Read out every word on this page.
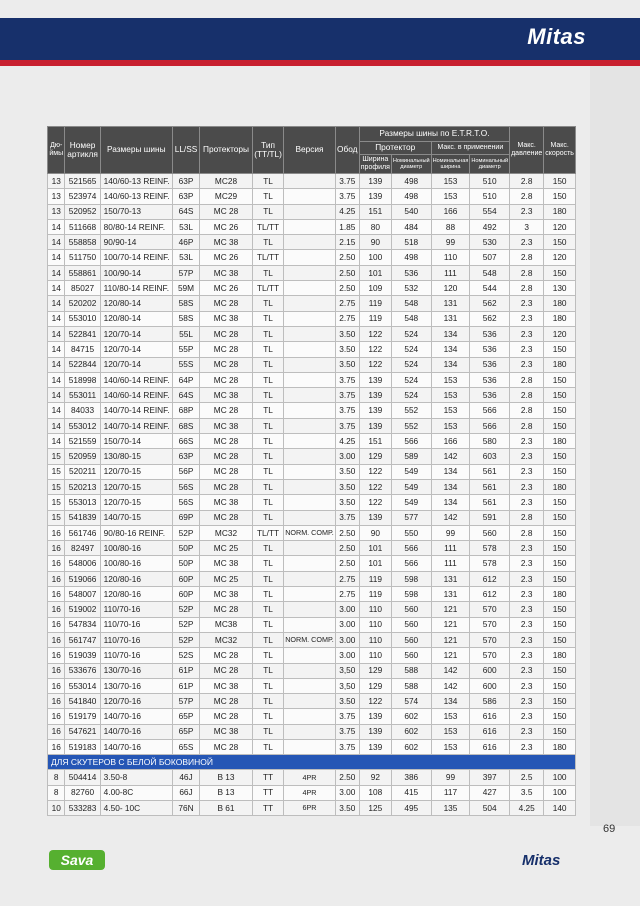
Mitas
Дю-
ймы	Номер артикля	Размеры шины	LL/SS	Протекторы	Тип (TT/TL)	Версия	Обод	Размеры шины по E.T.R.T.O.				Макс. давление	Макс. скорость
								Протектор		Макс. в применении			
								Ширина профиля	Номинальный диаметр	Номинальная ширина	Номинальный диаметр		
13	521565	140/60-13 REINF.	63P	MC28	TL		3.75	139	498	153	510	2.8	150
13	523974	140/60-13 REINF.	63P	MC29	TL		3.75	139	498	153	510	2.8	150
13	520952	150/70-13	64S	MC 28	TL		4.25	151	540	166	554	2.3	180
14	511668	80/80-14 REINF.	53L	MC 26	TL/TT		1.85	80	484	88	492	3	120
14	558858	90/90-14	46P	MC 38	TL		2.15	90	518	99	530	2.3	150
14	511750	100/70-14 REINF.	53L	MC 26	TL/TT		2.50	100	498	110	507	2.8	120
14	558861	100/90-14	57P	MC 38	TL		2.50	101	536	111	548	2.8	150
14	85027	110/80-14 REINF.	59M	MC 26	TL/TT		2.50	109	532	120	544	2.8	130
14	520202	120/80-14	58S	MC 28	TL		2.75	119	548	131	562	2.3	180
14	553010	120/80-14	58S	MC 38	TL		2.75	119	548	131	562	2.3	180
14	522841	120/70-14	55L	MC 28	TL		3.50	122	524	134	536	2.3	120
14	84715	120/70-14	55P	MC 28	TL		3.50	122	524	134	536	2.3	150
14	522844	120/70-14	55S	MC 28	TL		3.50	122	524	134	536	2.3	180
14	518998	140/60-14 REINF.	64P	MC 28	TL		3.75	139	524	153	536	2.8	150
14	553011	140/60-14 REINF.	64S	MC 38	TL		3.75	139	524	153	536	2.8	150
14	84033	140/70-14 REINF.	68P	MC 28	TL		3.75	139	552	153	566	2.8	150
14	553012	140/70-14 REINF.	68S	MC 38	TL		3.75	139	552	153	566	2.8	150
14	521559	150/70-14	66S	MC 28	TL		4.25	151	566	166	580	2.3	180
15	520959	130/80-15	63P	MC 28	TL		3.00	129	589	142	603	2.3	150
15	520211	120/70-15	56P	MC 28	TL		3.50	122	549	134	561	2.3	150
15	520213	120/70-15	56S	MC 28	TL		3.50	122	549	134	561	2.3	180
15	553013	120/70-15	56S	MC 38	TL		3.50	122	549	134	561	2.3	150
15	541839	140/70-15	69P	MC 28	TL		3.75	139	577	142	591	2.8	150
16	561746	90/80-16 REINF.	52P	MC32	TL/TT	NORM. COMP.	2.50	90	550	99	560	2.8	150
16	82497	100/80-16	50P	MC 25	TL		2.50	101	566	111	578	2.3	150
16	548006	100/80-16	50P	MC 38	TL		2.50	101	566	111	578	2.3	150
16	519066	120/80-16	60P	MC 25	TL		2.75	119	598	131	612	2.3	150
16	548007	120/80-16	60P	MC 38	TL		2.75	119	598	131	612	2.3	180
16	519002	110/70-16	52P	MC 28	TL		3.00	110	560	121	570	2.3	150
16	547834	110/70-16	52P	MC38	TL		3.00	110	560	121	570	2.3	150
16	561747	110/70-16	52P	MC32	TL	NORM. COMP.	3.00	110	560	121	570	2.3	150
16	519039	110/70-16	52S	MC 28	TL		3.00	110	560	121	570	2.3	180
16	533676	130/70-16	61P	MC 28	TL		3,50	129	588	142	600	2.3	150
16	553014	130/70-16	61P	MC 38	TL		3,50	129	588	142	600	2.3	150
16	541840	120/70-16	57P	MC 28	TL		3.50	122	574	134	586	2.3	150
16	519179	140/70-16	65P	MC 28	TL		3.75	139	602	153	616	2.3	150
16	547621	140/70-16	65P	MC 38	TL		3.75	139	602	153	616	2.3	150
16	519183	140/70-16	65S	MC 28	TL		3.75	139	602	153	616	2.3	180
ДЛЯ СКУТЕРОВ С БЕЛОЙ БОКОВИНОЙ													
8	504414	3.50-8	46J	B 13	TT	4PR	2.50	92	386	99	397	2.5	100
8	82760	4.00-8C	66J	B 13	TT	4PR	3.00	108	415	117	427	3.5	100
10	533283	4.50- 10C	76N	B 61	TT	6PR	3.50	125	495	135	504	4.25	140
69
Sava	Mitas
